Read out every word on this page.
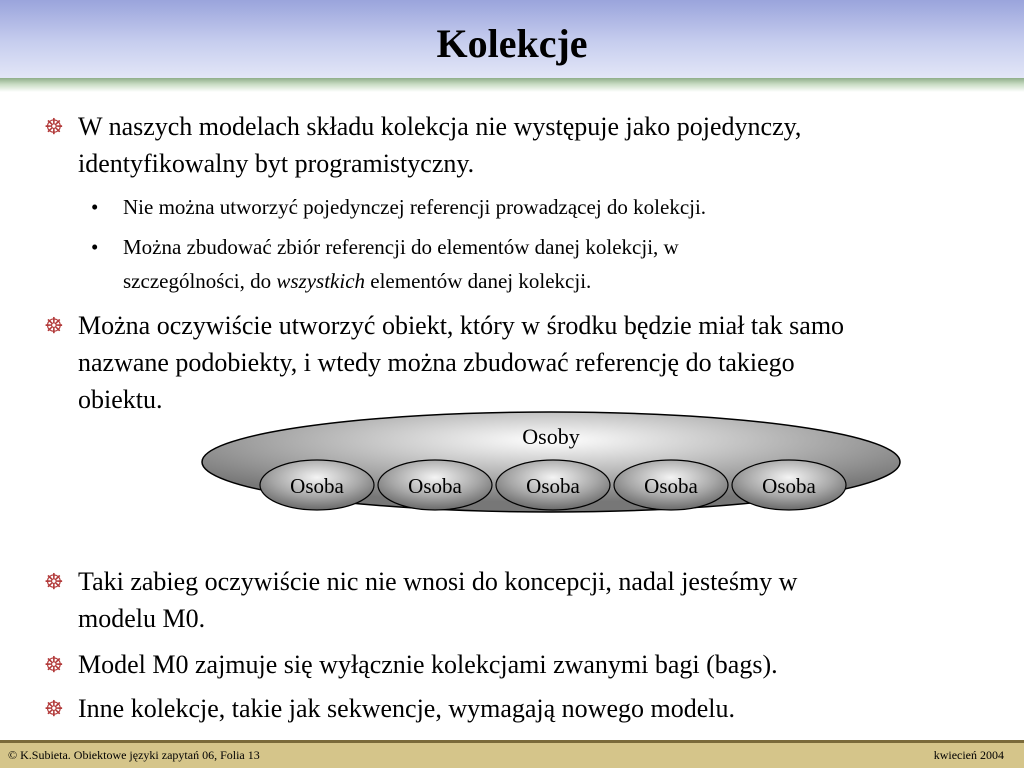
Kolekcje
☸ W naszych modelach składu kolekcja nie występuje jako pojedynczy,
identyfikowalny byt programistyczny.
• Nie można utworzyć pojedynczej referencji prowadzącej do kolekcji.
• Można zbudować zbiór referencji do elementów danej kolekcji, w
szczególności, do wszystkich elementów danej kolekcji.
☸ Można oczywiście utworzyć obiekt, który w środku będzie miał tak samo
nazwane podobiekty, i wtedy można zbudować referencję do takiego
obiektu.
Osoby
Osoba	Osoba	Osoba	Osoba	Osoba
☸ Taki zabieg oczywiście nic nie wnosi do koncepcji, nadal jesteśmy w
modelu M0.
☸ Model M0 zajmuje się wyłącznie kolekcjami zwanymi bagi (bags).
☸ Inne kolekcje, takie jak sekwencje, wymagają nowego modelu.
© K.Subieta. Obiektowe języki zapytań 06, Folia 13	kwiecień 2004
